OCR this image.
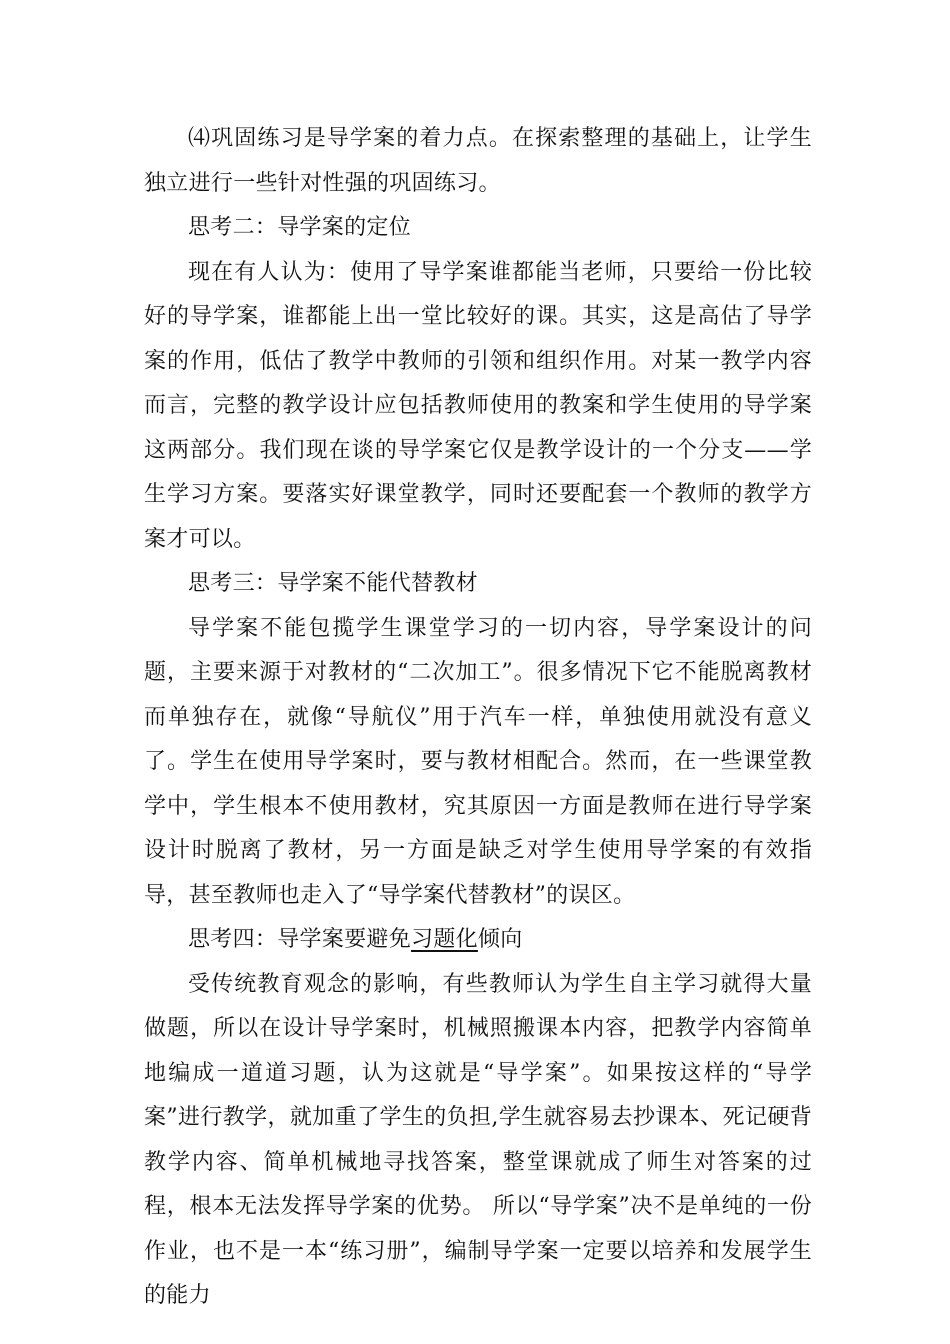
⑷巩固练习是导学案的着力点。在探索整理的基础上，让学生独立进行一些针对性强的巩固练习。

思考二：导学案的定位

现在有人认为：使用了导学案谁都能当老师，只要给一份比较好的导学案，谁都能上出一堂比较好的课。其实，这是高估了导学案的作用，低估了教学中教师的引领和组织作用。对某一教学内容而言，完整的教学设计应包括教师使用的教案和学生使用的导学案这两部分。我们现在谈的导学案它仅是教学设计的一个分支——学生学习方案。要落实好课堂教学，同时还要配套一个教师的教学方案才可以。

思考三：导学案不能代替教材

导学案不能包揽学生课堂学习的一切内容，导学案设计的问题，主要来源于对教材的“二次加工”。很多情况下它不能脱离教材而单独存在，就像“导航仪”用于汽车一样，单独使用就没有意义了。学生在使用导学案时，要与教材相配合。然而，在一些课堂教学中，学生根本不使用教材，究其原因一方面是教师在进行导学案设计时脱离了教材，另一方面是缺乏对学生使用导学案的有效指导，甚至教师也走入了“导学案代替教材”的误区。

思考四：导学案要避免习题化倾向

受传统教育观念的影响，有些教师认为学生自主学习就得大量做题，所以在设计导学案时，机械照搬课本内容，把教学内容简单地编成一道道习题，认为这就是“导学案”。如果按这样的“导学案”进行教学，就加重了学生的负担,学生就容易去抄课本、死记硬背教学内容、简单机械地寻找答案，整堂课就成了师生对答案的过程，根本无法发挥导学案的优势。 所以“导学案”决不是单纯的一份作业，也不是一本“练习册”，编制导学案一定要以培养和发展学生的能力
